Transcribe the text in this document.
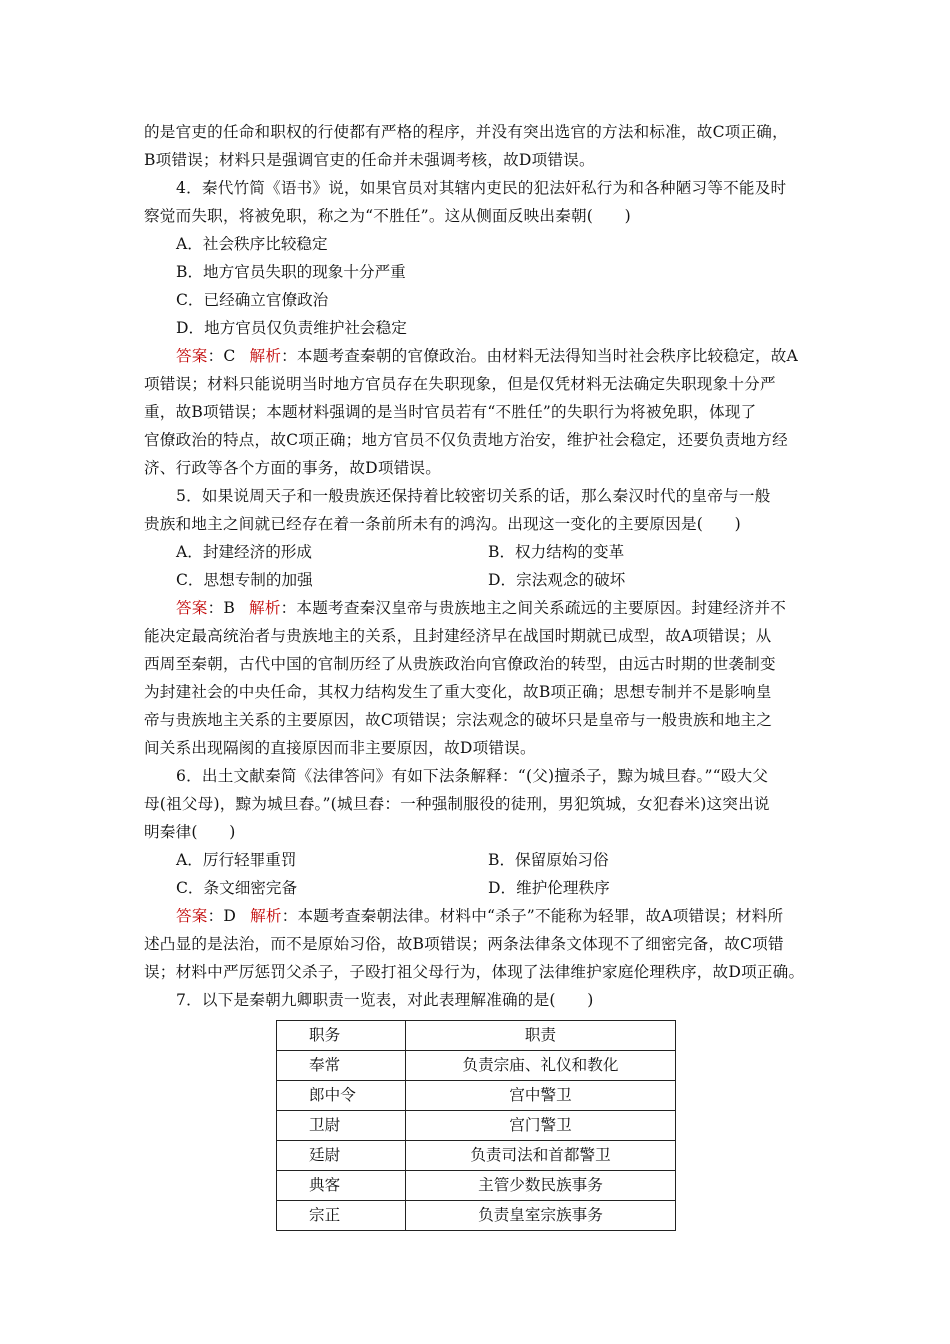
的是官吏的任命和职权的行使都有严格的程序，并没有突出选官的方法和标准，故C项正确，

B项错误；材料只是强调官吏的任命并未强调考核，故D项错误。

4．秦代竹简《语书》说，如果官员对其辖内吏民的犯法奸私行为和各种陋习等不能及时

察觉而失职，将被免职，称之为“不胜任”。这从侧面反映出秦朝(　　)

A．社会秩序比较稳定

B．地方官员失职的现象十分严重

C．已经确立官僚政治

D．地方官员仅负责维护社会稳定

答案：C 解析：本题考查秦朝的官僚政治。由材料无法得知当时社会秩序比较稳定，故A

项错误；材料只能说明当时地方官员存在失职现象，但是仅凭材料无法确定失职现象十分严

重，故B项错误；本题材料强调的是当时官员若有“不胜任”的失职行为将被免职，体现了

官僚政治的特点，故C项正确；地方官员不仅负责地方治安，维护社会稳定，还要负责地方经

济、行政等各个方面的事务，故D项错误。

5．如果说周天子和一般贵族还保持着比较密切关系的话，那么秦汉时代的皇帝与一般

贵族和地主之间就已经存在着一条前所未有的鸿沟。出现这一变化的主要原因是(　　)

A．封建经济的形成	B．权力结构的变革
C．思想专制的加强	D．宗法观念的破坏

答案：B 解析：本题考查秦汉皇帝与贵族地主之间关系疏远的主要原因。封建经济并不

能决定最高统治者与贵族地主的关系，且封建经济早在战国时期就已成型，故A项错误；从

西周至秦朝，古代中国的官制历经了从贵族政治向官僚政治的转型，由远古时期的世袭制变

为封建社会的中央任命，其权力结构发生了重大变化，故B项正确；思想专制并不是影响皇

帝与贵族地主关系的主要原因，故C项错误；宗法观念的破坏只是皇帝与一般贵族和地主之

间关系出现隔阂的直接原因而非主要原因，故D项错误。

6．出土文献秦简《法律答问》有如下法条解释：“(父)擅杀子，黥为城旦舂。”“殴大父

母(祖父母)，黥为城旦舂。”(城旦舂：一种强制服役的徒刑，男犯筑城，女犯舂米)这突出说

明秦律(　　)

A．厉行轻罪重罚	B．保留原始习俗
C．条文细密完备	D．维护伦理秩序

答案：D 解析：本题考查秦朝法律。材料中“杀子”不能称为轻罪，故A项错误；材料所

述凸显的是法治，而不是原始习俗，故B项错误；两条法律条文体现不了细密完备，故C项错

误；材料中严厉惩罚父杀子，子殴打祖父母行为，体现了法律维护家庭伦理秩序，故D项正确。

7．以下是秦朝九卿职责一览表，对此表理解准确的是(　　)

职务	职责
奉常	负责宗庙、礼仪和教化
郎中令	宫中警卫
卫尉	宫门警卫
廷尉	负责司法和首都警卫
典客	主管少数民族事务
宗正	负责皇室宗族事务
